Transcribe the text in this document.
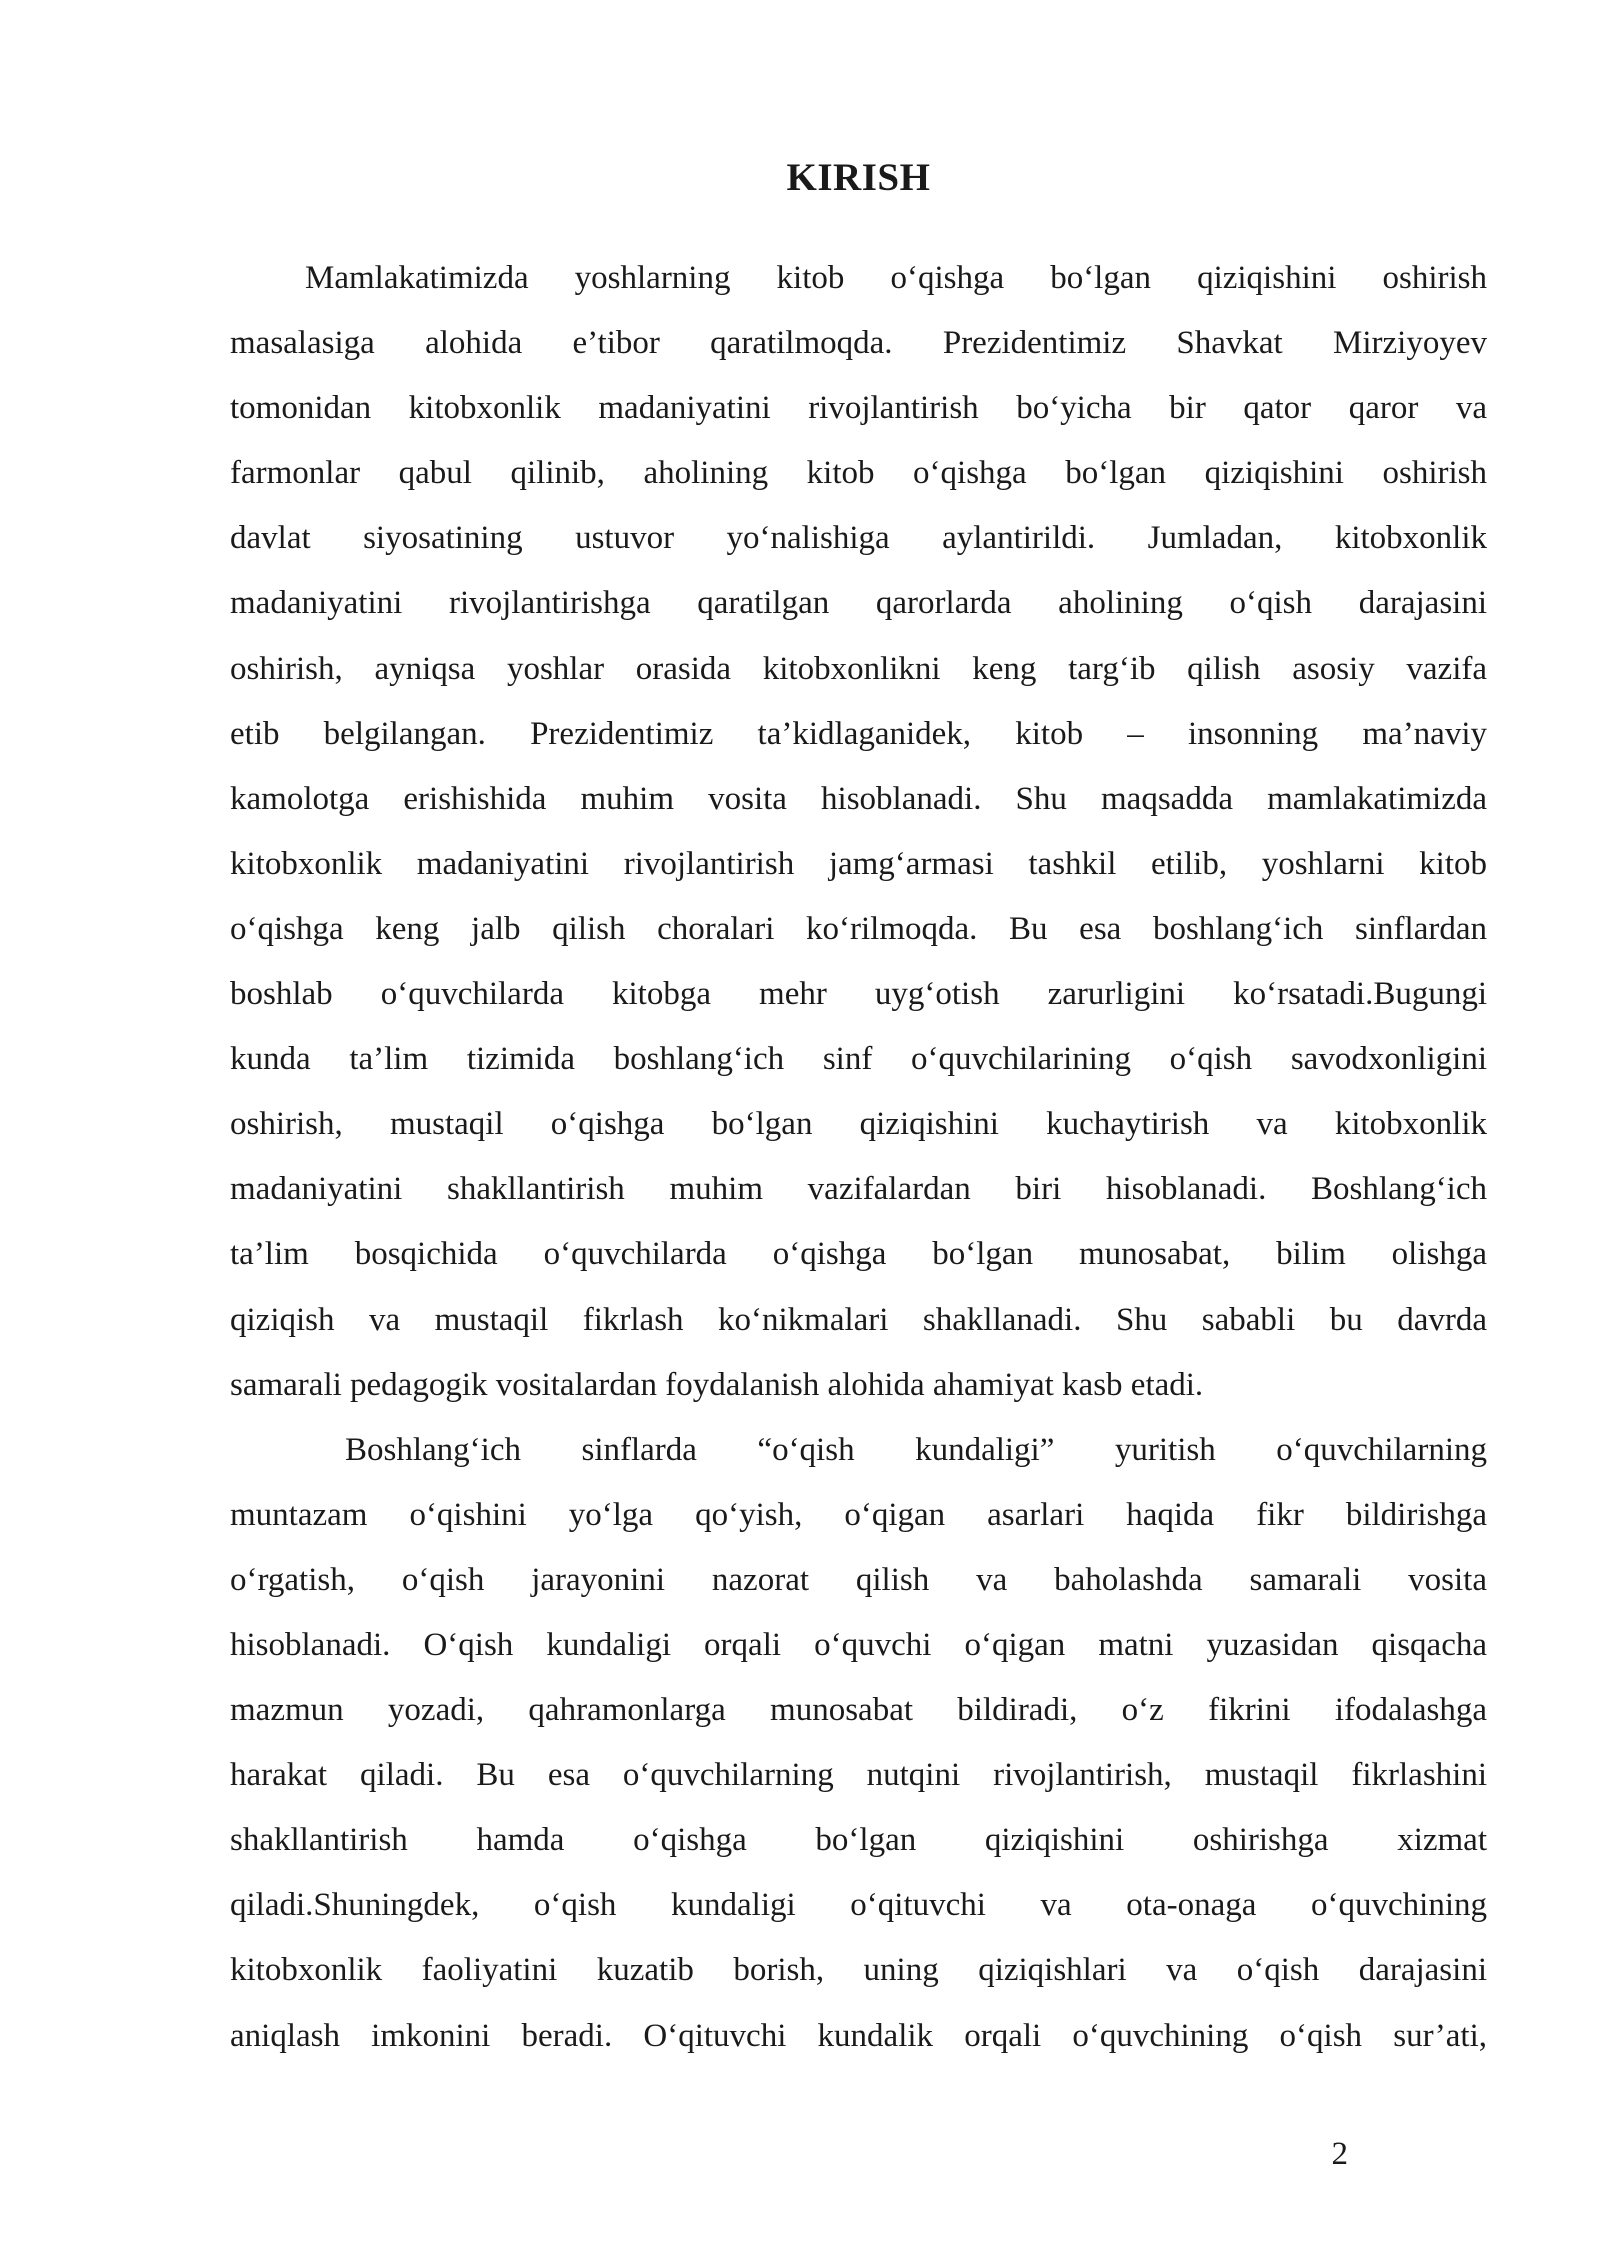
KIRISH

Mamlakatimizda yoshlarning kitob oʻqishga boʻlgan qiziqishini oshirish
masalasiga alohida e’tibor qaratilmoqda. Prezidentimiz Shavkat Mirziyoyev
tomonidan kitobxonlik madaniyatini rivojlantirish boʻyicha bir qator qaror va
farmonlar qabul qilinib, aholining kitob oʻqishga boʻlgan qiziqishini oshirish
davlat siyosatining ustuvor yoʻnalishiga aylantirildi. Jumladan, kitobxonlik
madaniyatini rivojlantirishga qaratilgan qarorlarda aholining oʻqish darajasini
oshirish, ayniqsa yoshlar orasida kitobxonlikni keng targʻib qilish asosiy vazifa
etib belgilangan. Prezidentimiz ta’kidlaganidek, kitob – insonning ma’naviy
kamolotga erishishida muhim vosita hisoblanadi. Shu maqsadda mamlakatimizda
kitobxonlik madaniyatini rivojlantirish jamgʻarmasi tashkil etilib, yoshlarni kitob
oʻqishga keng jalb qilish choralari koʻrilmoqda. Bu esa boshlangʻich sinflardan
boshlab oʻquvchilarda kitobga mehr uygʻotish zarurligini koʻrsatadi.Bugungi
kunda ta’lim tizimida boshlangʻich sinf oʻquvchilarining oʻqish savodxonligini
oshirish, mustaqil oʻqishga boʻlgan qiziqishini kuchaytirish va kitobxonlik
madaniyatini shakllantirish muhim vazifalardan biri hisoblanadi. Boshlangʻich
ta’lim bosqichida oʻquvchilarda oʻqishga boʻlgan munosabat, bilim olishga
qiziqish va mustaqil fikrlash koʻnikmalari shakllanadi. Shu sababli bu davrda
samarali pedagogik vositalardan foydalanish alohida ahamiyat kasb etadi.

Boshlangʻich sinflarda “oʻqish kundaligi” yuritish oʻquvchilarning
muntazam oʻqishini yoʻlga qoʻyish, oʻqigan asarlari haqida fikr bildirishga
oʻrgatish, oʻqish jarayonini nazorat qilish va baholashda samarali vosita
hisoblanadi. Oʻqish kundaligi orqali oʻquvchi oʻqigan matni yuzasidan qisqacha
mazmun yozadi, qahramonlarga munosabat bildiradi, oʻz fikrini ifodalashga
harakat qiladi. Bu esa oʻquvchilarning nutqini rivojlantirish, mustaqil fikrlashini
shakllantirish hamda oʻqishga boʻlgan qiziqishini oshirishga xizmat
qiladi.Shuningdek, oʻqish kundaligi oʻqituvchi va ota-onaga oʻquvchining
kitobxonlik faoliyatini kuzatib borish, uning qiziqishlari va oʻqish darajasini
aniqlash imkonini beradi. Oʻqituvchi kundalik orqali oʻquvchining oʻqish sur’ati,

2
